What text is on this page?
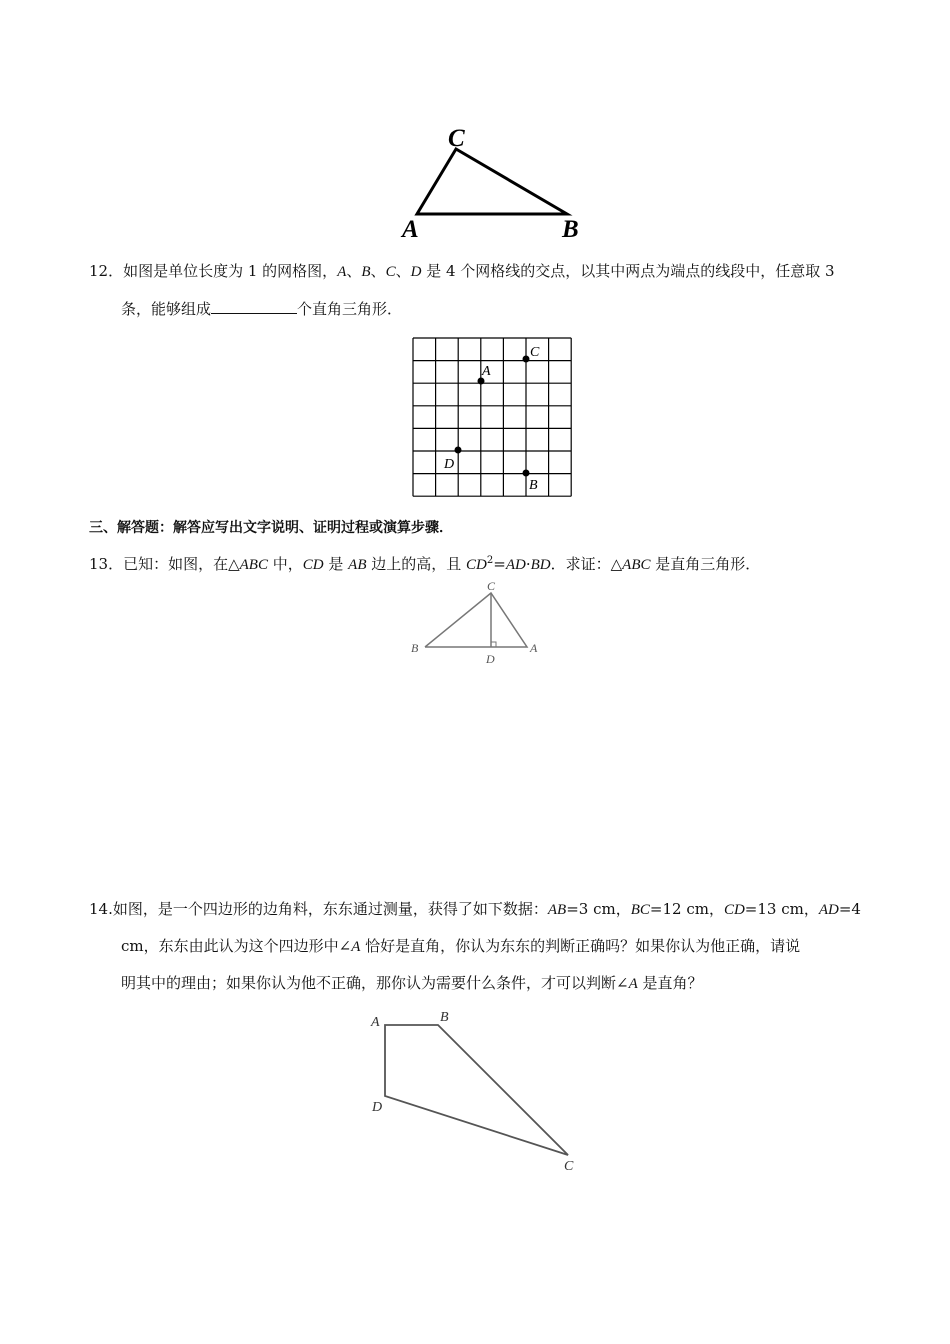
C
A	B
12．如图是单位长度为 1 的网格图，A、B、C、D 是 4 个网格线的交点，以其中两点为端点的线段中，任意取 3
条，能够组成	个直角三角形．
C
A
D
B
三、解答题：解答应写出文字说明、证明过程或演算步骤．
13．已知：如图，在△ABC 中，CD 是 AB 边上的高，且 $CD^2=AD\cdot BD$．求证：△ABC 是直角三角形．
C
B
D
A
14.如图，是一个四边形的边角料，东东通过测量，获得了如下数据：AB=3 cm，BC=12 cm，CD=13 cm，AD=4
cm，东东由此认为这个四边形中∠A 恰好是直角，你认为东东的判断正确吗？如果你认为他正确，请说
明其中的理由；如果你认为他不正确，那你认为需要什么条件，才可以判断∠A 是直角？
A	B
D
C
